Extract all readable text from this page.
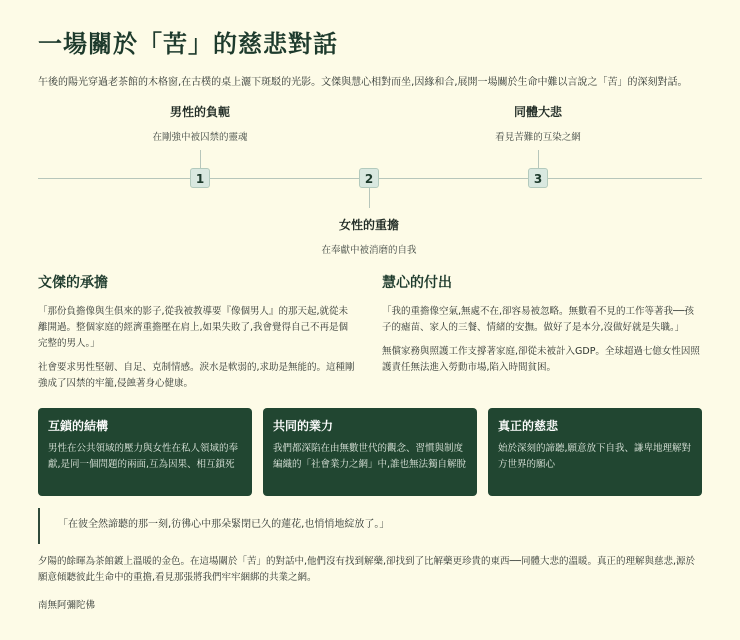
一場關於「苦」的慈悲對話

午後的陽光穿過老茶館的木格窗,在古樸的桌上灑下斑駁的光影。文傑與慧心相對而坐,因緣和合,展開一場關於生命中難以言說之「苦」的深刻對話。

男性的負軛
在剛強中被囚禁的靈魂
1	2
女性的重擔
在奉獻中被消磨的自我
同體大悲
看見苦難的互染之網
3
文傑的承擔

「那份負擔像與生俱來的影子,從我被教導要『像個男人』的那天起,就從未離開過。整個家庭的經濟重擔壓在肩上,如果失敗了,我會覺得自己不再是個完整的男人。」

社會要求男性堅韌、自足、克制情感。淚水是軟弱的,求助是無能的。這種剛強成了囚禁的牢籠,侵蝕著身心健康。

慧心的付出

「我的重擔像空氣,無處不在,卻容易被忽略。無數看不見的工作等著我──孩子的瘧苗、家人的三餐、情緒的安撫。做好了是本分,沒做好就是失職。」

無償家務與照護工作支撐著家庭,卻從未被計入GDP。全球超過七億女性因照護責任無法進入勞動市場,陷入時間貧困。

互鎖的結構

男性在公共領域的壓力與女性在私人領域的奉獻,是同一個問題的兩面,互為因果、相互鎖死

共同的業力

我們都深陷在由無數世代的觀念、習慣與制度編織的「社會業力之網」中,誰也無法獨自解脫

真正的慈悲

始於深刻的諦聽,願意放下自我、謙卑地理解對方世界的願心

「在彼全然諦聽的那一刻,彷彿心中那朵緊閉已久的蓮花,也悄悄地綻放了。」

夕陽的餘暉為茶館鍍上溫暖的金色。在這場關於「苦」的對話中,他們沒有找到解藥,卻找到了比解藥更珍貴的東西──同體大悲的溫暖。真正的理解與慈悲,源於願意傾聽彼此生命中的重擔,看見那張將我們牢牢綑綁的共業之網。

南無阿彌陀佛
